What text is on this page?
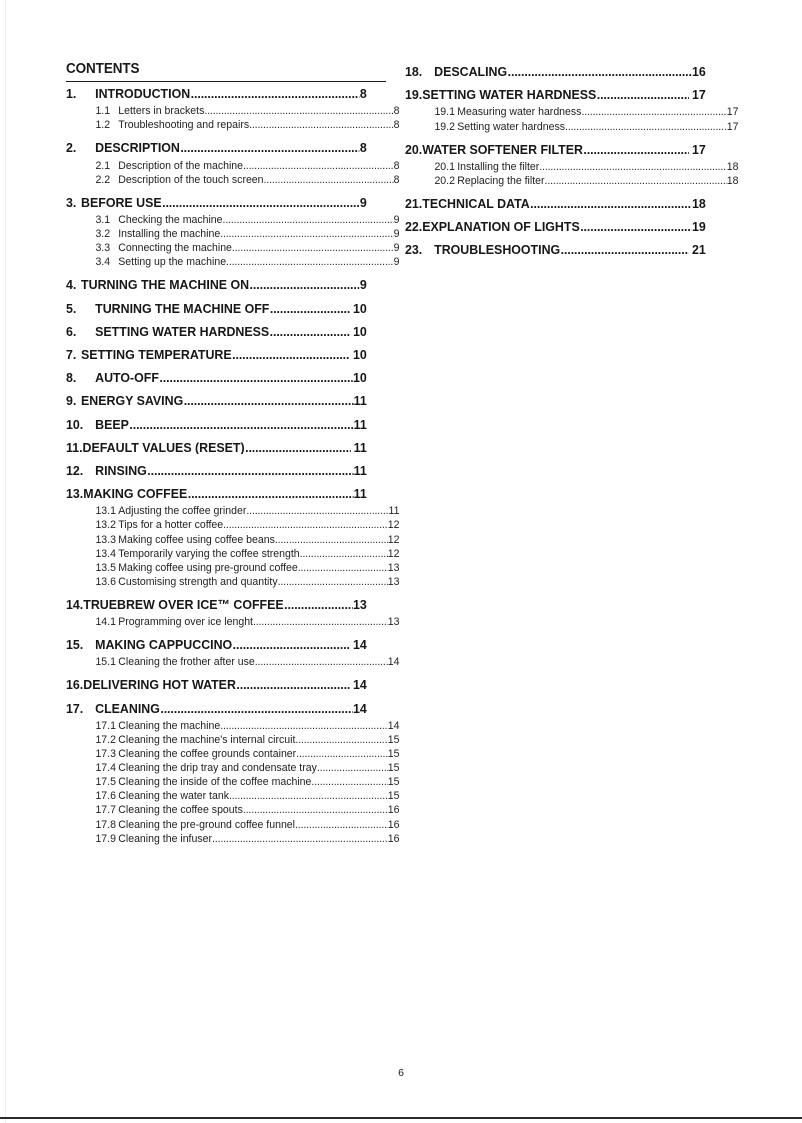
CONTENTS
1.	INTRODUCTION .....	8
1.1 Letters in brackets .....	8
1.2 Troubleshooting and repairs .....	8
2.	DESCRIPTION .....	8
2.1 Description of the machine .....	8
2.2 Description of the touch screen .....	8
3. BEFORE USE .....	9
3.1 Checking the machine .....	9
3.2 Installing the machine .....	9
3.3 Connecting the machine .....	9
3.4 Setting up the machine .....	9
4. TURNING THE MACHINE ON .....	9
5.	TURNING THE MACHINE OFF .....	10
6.	SETTING WATER HARDNESS .....	10
7. SETTING TEMPERATURE .....	10
8.	AUTO-OFF .....	10
9. ENERGY SAVING .....	11
10. BEEP .....	11
11. DEFAULT VALUES (RESET) .....	11
12. RINSING .....	11
13. MAKING COFFEE .....	11
13.1 Adjusting the coffee grinder .....	11
13.2 Tips for a hotter coffee .....	12
13.3 Making coffee using coffee beans .....	12
13.4 Temporarily varying the coffee strength .....	12
13.5 Making coffee using pre-ground coffee .....	13
13.6 Customising strength and quantity .....	13
14. TRUEBREW OVER ICE™ COFFEE .....	13
14.1 Programming over ice lenght .....	13
15. MAKING CAPPUCCINO .....	14
15.1 Cleaning the frother after use .....	14
16. DELIVERING HOT WATER .....	14
17. CLEANING .....	14
17.1 Cleaning the machine .....	14
17.2 Cleaning the machine's internal circuit .....	15
17.3 Cleaning the coffee grounds container .....	15
17.4 Cleaning the drip tray and condensate tray .....	15
17.5 Cleaning the inside of the coffee machine .....	15
17.6 Cleaning the water tank .....	15
17.7 Cleaning the coffee spouts .....	16
17.8 Cleaning the pre-ground coffee funnel .....	16
17.9 Cleaning the infuser .....	16
18. DESCALING .....	16
19. SETTING WATER HARDNESS .....	17
19.1 Measuring water hardness .....	17
19.2 Setting water hardness .....	17
20. WATER SOFTENER FILTER .....	17
20.1 Installing the filter .....	18
20.2 Replacing the filter .....	18
21. TECHNICAL DATA .....	18
22. EXPLANATION OF LIGHTS .....	19
23. TROUBLESHOOTING .....	21
6
